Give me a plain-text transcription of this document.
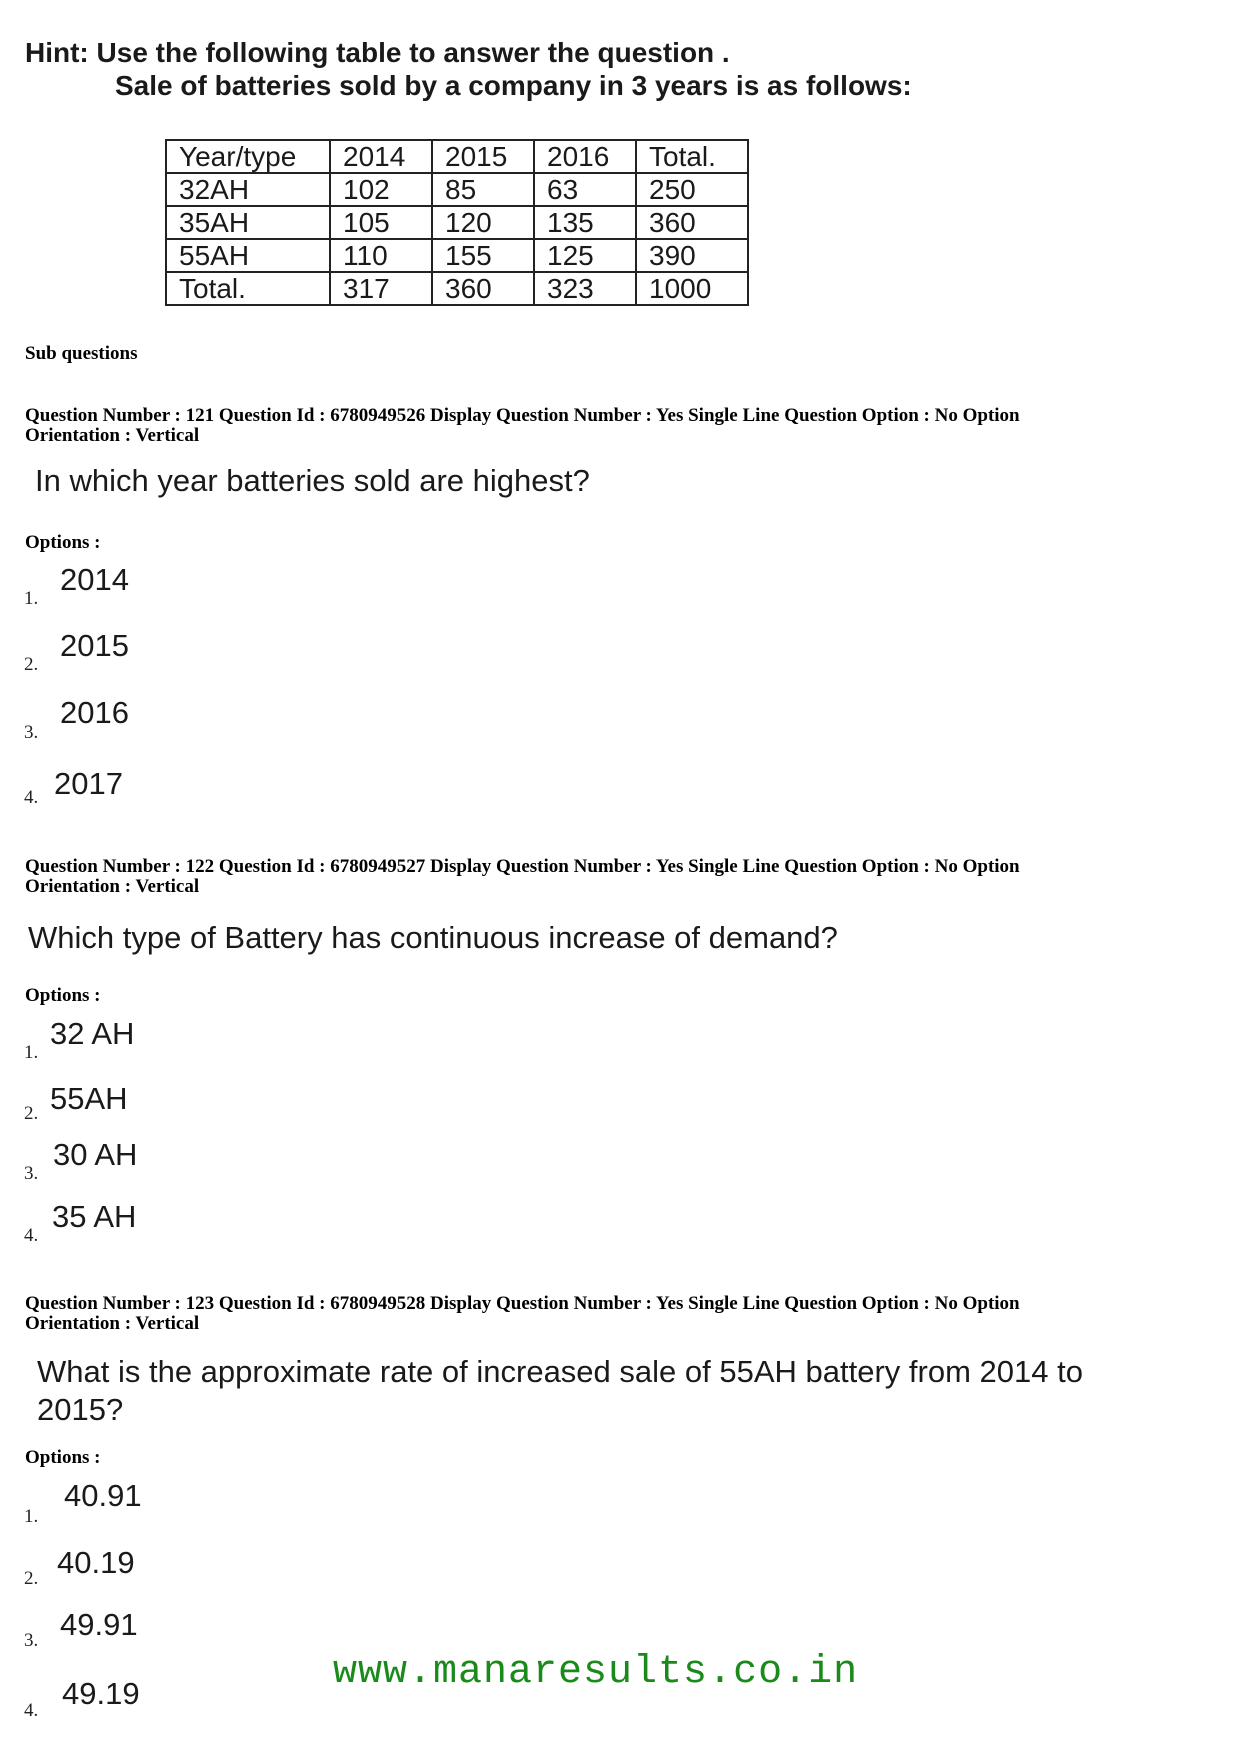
Hint: Use the following table to answer the question .
Sale of batteries sold by a company in 3 years is as follows:
Year/type	2014	2015	2016	Total.
32AH	102	85	63	250
35AH	105	120	135	360
55AH	110	155	125	390
Total.	317	360	323	1000
Sub questions
Question Number : 121 Question Id : 6780949526 Display Question Number : Yes Single Line Question Option : No Option
Orientation : Vertical
In which year batteries sold are highest?
Options :
1.
2014
2.
2015
3.
2016
4. 2017
Question Number : 122 Question Id : 6780949527 Display Question Number : Yes Single Line Question Option : No Option
Orientation : Vertical
Which type of Battery has continuous increase of demand?
Options :
1.
32 AH
2. 55AH
3.
30 AH
4.
35 AH
Question Number : 123 Question Id : 6780949528 Display Question Number : Yes Single Line Question Option : No Option
Orientation : Vertical
What is the approximate rate of increased sale of 55AH battery from 2014 to
2015?
Options :
1.
40.91
2. 40.19
3. 49.91
4. 49.19	www.manaresults.co.in
